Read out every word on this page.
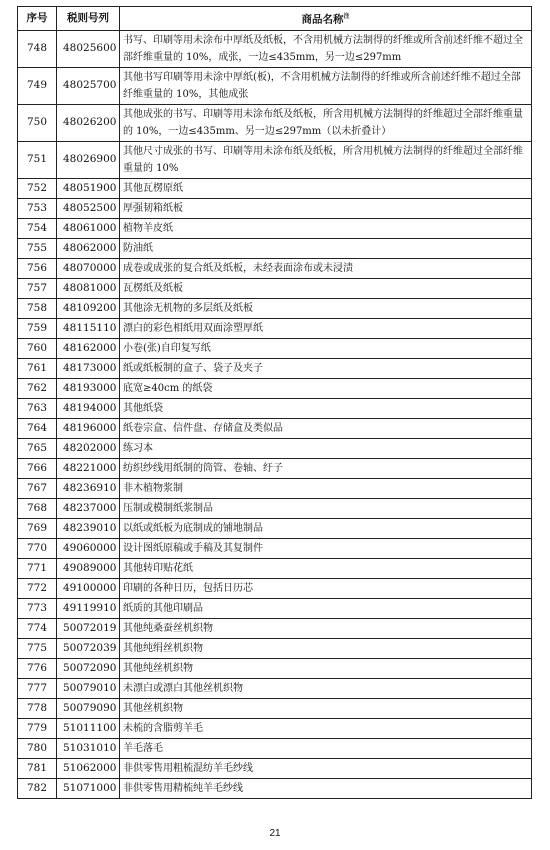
序号	税则号列	商品名称$^注$
748	48025600	书写、印刷等用未涂布中厚纸及纸板，不含用机械方法制得的纤维或所含前述纤维不超过全部纤维重量的 10%，成张，一边≤435mm，另一边≤297mm
749	48025700	其他书写印刷等用未涂中厚纸(板)，不含用机械方法制得的纤维或所含前述纤维不超过全部纤维重量的 10%，其他成张
750	48026200	其他成张的书写、印刷等用未涂布纸及纸板，所含用机械方法制得的纤维超过全部纤维重量的 10%，一边≤435mm、另一边≤297mm（以未折叠计）
751	48026900	其他尺寸成张的书写、印刷等用未涂布纸及纸板，所含用机械方法制得的纤维超过全部纤维重量的 10%
752	48051900	其他瓦楞原纸
753	48052500	厚强韧箱纸板
754	48061000	植物羊皮纸
755	48062000	防油纸
756	48070000	成卷或成张的复合纸及纸板，未经表面涂布或未浸渍
757	48081000	瓦楞纸及纸板
758	48109200	其他涂无机物的多层纸及纸板
759	48115110	漂白的彩色相纸用双面涂塑厚纸
760	48162000	小卷(张)自印复写纸
761	48173000	纸或纸板制的盒子、袋子及夹子
762	48193000	底宽≥40cm 的纸袋
763	48194000	其他纸袋
764	48196000	纸卷宗盒、信件盘、存储盒及类似品
765	48202000	练习本
766	48221000	纺织纱线用纸制的筒管、卷轴、纡子
767	48236910	非木植物浆制
768	48237000	压制或模制纸浆制品
769	48239010	以纸或纸板为底制成的铺地制品
770	49060000	设计图纸原稿或手稿及其复制件
771	49089000	其他转印贴花纸
772	49100000	印刷的各种日历，包括日历芯
773	49119910	纸质的其他印刷品
774	50072019	其他纯桑蚕丝机织物
775	50072039	其他纯绢丝机织物
776	50072090	其他纯丝机织物
777	50079010	未漂白或漂白其他丝机织物
778	50079090	其他丝机织物
779	51011100	未梳的含脂剪羊毛
780	51031010	羊毛落毛
781	51062000	非供零售用粗梳混纺羊毛纱线
782	51071000	非供零售用精梳纯羊毛纱线
21
